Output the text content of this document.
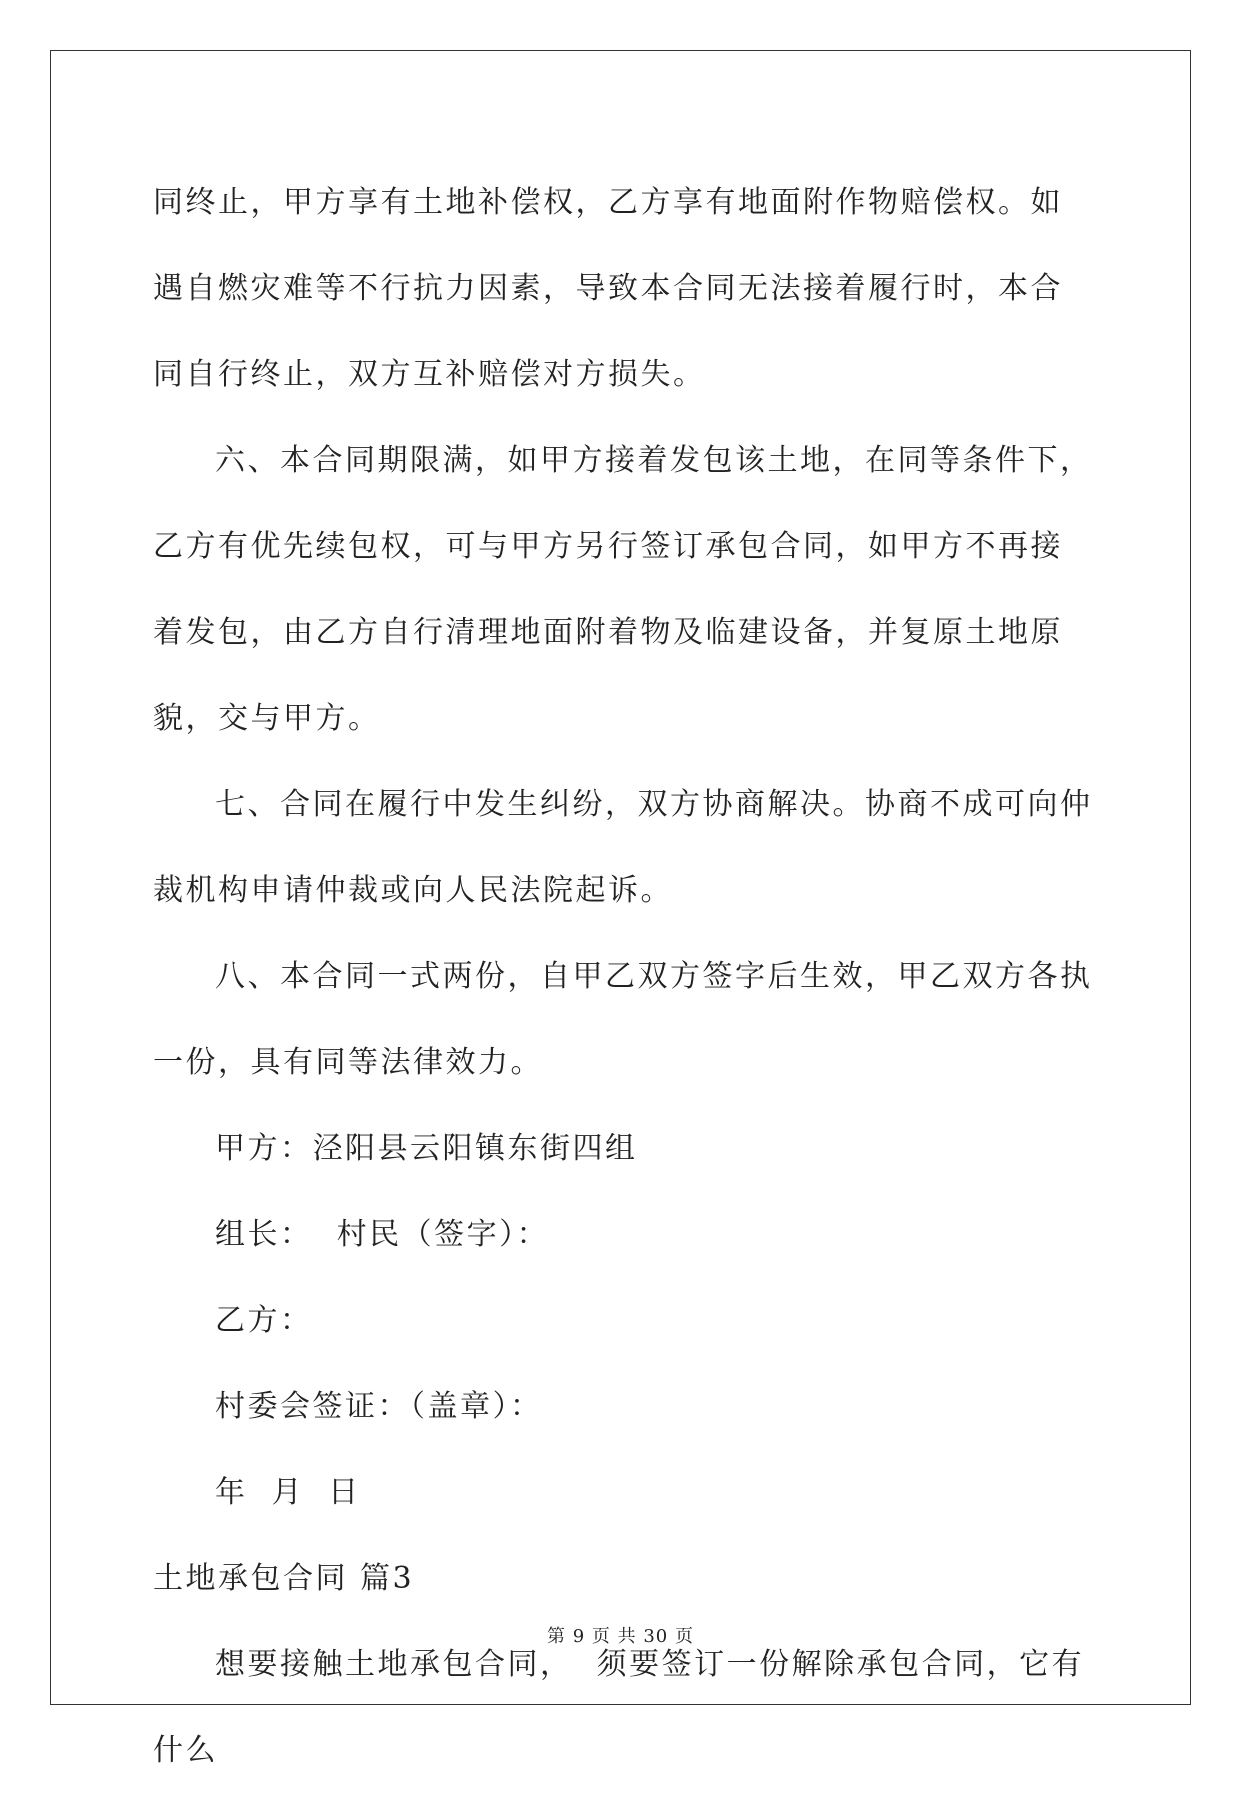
同终止，甲方享有土地补偿权，乙方享有地面附作物赔偿权。如遇自燃灾难等不行抗力因素，导致本合同无法接着履行时，本合同自行终止，双方互补赔偿对方损失。

六、本合同期限满，如甲方接着发包该土地，在同等条件下，乙方有优先续包权，可与甲方另行签订承包合同，如甲方不再接着发包，由乙方自行清理地面附着物及临建设备，并复原土地原貌，交与甲方。

七、合同在履行中发生纠纷，双方协商解决。协商不成可向仲裁机构申请仲裁或向人民法院起诉。

八、本合同一式两份，自甲乙双方签字后生效，甲乙双方各执一份，具有同等法律效力。

甲方：泾阳县云阳镇东街四组

组长：  村民（签字）：

乙方：

村委会签证：（盖章）：

年  月  日

土地承包合同 篇3

想要接触土地承包合同，  须要签订一份解除承包合同，它有什么

第 9 页 共 30 页
